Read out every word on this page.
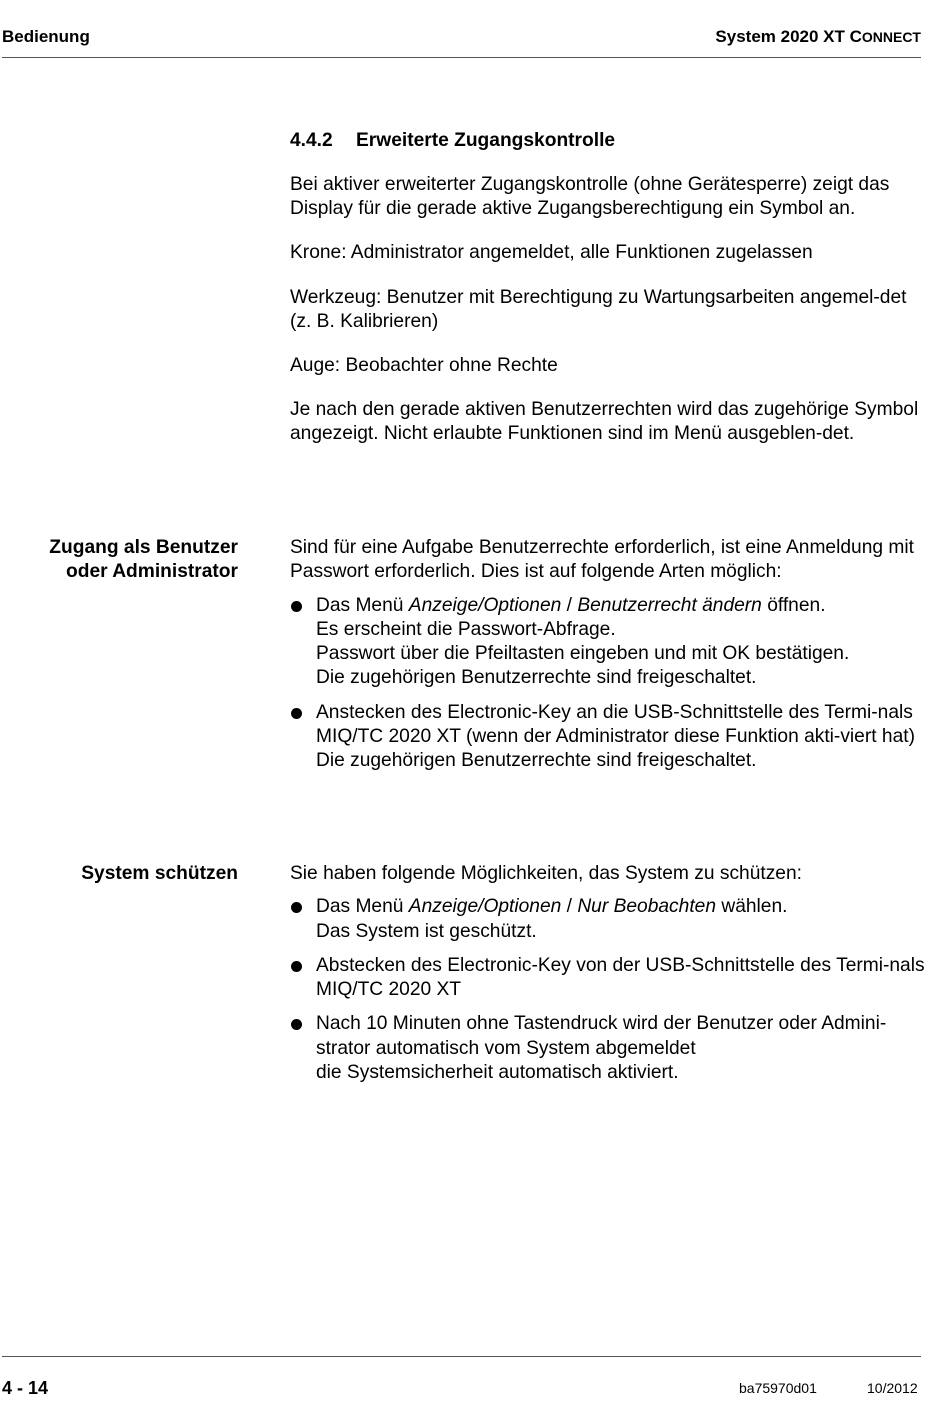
Bedienung	System 2020 XT CONNECT
4.4.2 Erweiterte Zugangskontrolle

Bei aktiver erweiterter Zugangskontrolle (ohne Gerätesperre) zeigt das Display für die gerade aktive Zugangsberechtigung ein Symbol an.

Krone: Administrator angemeldet, alle Funktionen zugelassen

Werkzeug: Benutzer mit Berechtigung zu Wartungsarbeiten angemel-det (z. B. Kalibrieren)

Auge: Beobachter ohne Rechte

Je nach den gerade aktiven Benutzerrechten wird das zugehörige Symbol angezeigt. Nicht erlaubte Funktionen sind im Menü ausgeblen-det.

Zugang als Benutzer
oder Administrator

Sind für eine Aufgabe Benutzerrechte erforderlich, ist eine Anmeldung mit Passwort erforderlich. Dies ist auf folgende Arten möglich:

Das Menü Anzeige/Optionen / Benutzerrecht ändern öffnen.
Es erscheint die Passwort-Abfrage.
Passwort über die Pfeiltasten eingeben und mit OK bestätigen.
Die zugehörigen Benutzerrechte sind freigeschaltet.
Anstecken des Electronic-Key an die USB-Schnittstelle des Termi-nals MIQ/TC 2020 XT (wenn der Administrator diese Funktion akti-viert hat)
Die zugehörigen Benutzerrechte sind freigeschaltet.
System schützen	Sie haben folgende Möglichkeiten, das System zu schützen:

Das Menü Anzeige/Optionen / Nur Beobachten wählen.
Das System ist geschützt.
Abstecken des Electronic-Key von der USB-Schnittstelle des Termi-nals MIQ/TC 2020 XT
Nach 10 Minuten ohne Tastendruck wird der Benutzer oder Admini-strator automatisch vom System abgemeldet
die Systemsicherheit automatisch aktiviert.
4 - 14	ba75970d01	10/2012
